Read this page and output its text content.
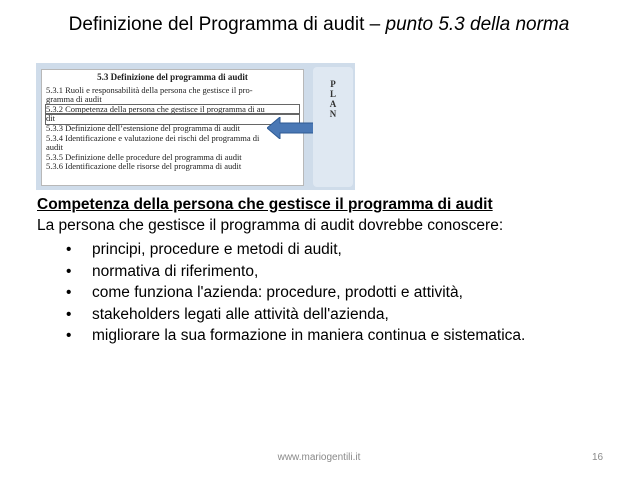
Definizione del Programma di audit – punto 5.3 della norma
5.3 Definizione del programma di audit
5.3.1 Ruoli e responsabilità della persona che gestisce il pro-
gramma di audit
5.3.2 Competenza della persona che gestisce il programma di au
dit
5.3.3 Definizione dell’estensione del programma di audit
5.3.4 Identificazione e valutazione dei rischi del programma di
audit
5.3.5 Definizione delle procedure del programma di audit
5.3.6 Identificazione delle risorse del programma di audit
P
L
A
N
Competenza della persona che gestisce il programma di audit
La persona che gestisce il programma di audit dovrebbe conoscere:
• principi, procedure e metodi di audit,
• normativa di riferimento,
• come funziona l'azienda: procedure, prodotti e attività,
• stakeholders legati alle attività dell'azienda,
• migliorare la sua formazione in maniera continua e sistematica.
www.mariogentili.it	16
